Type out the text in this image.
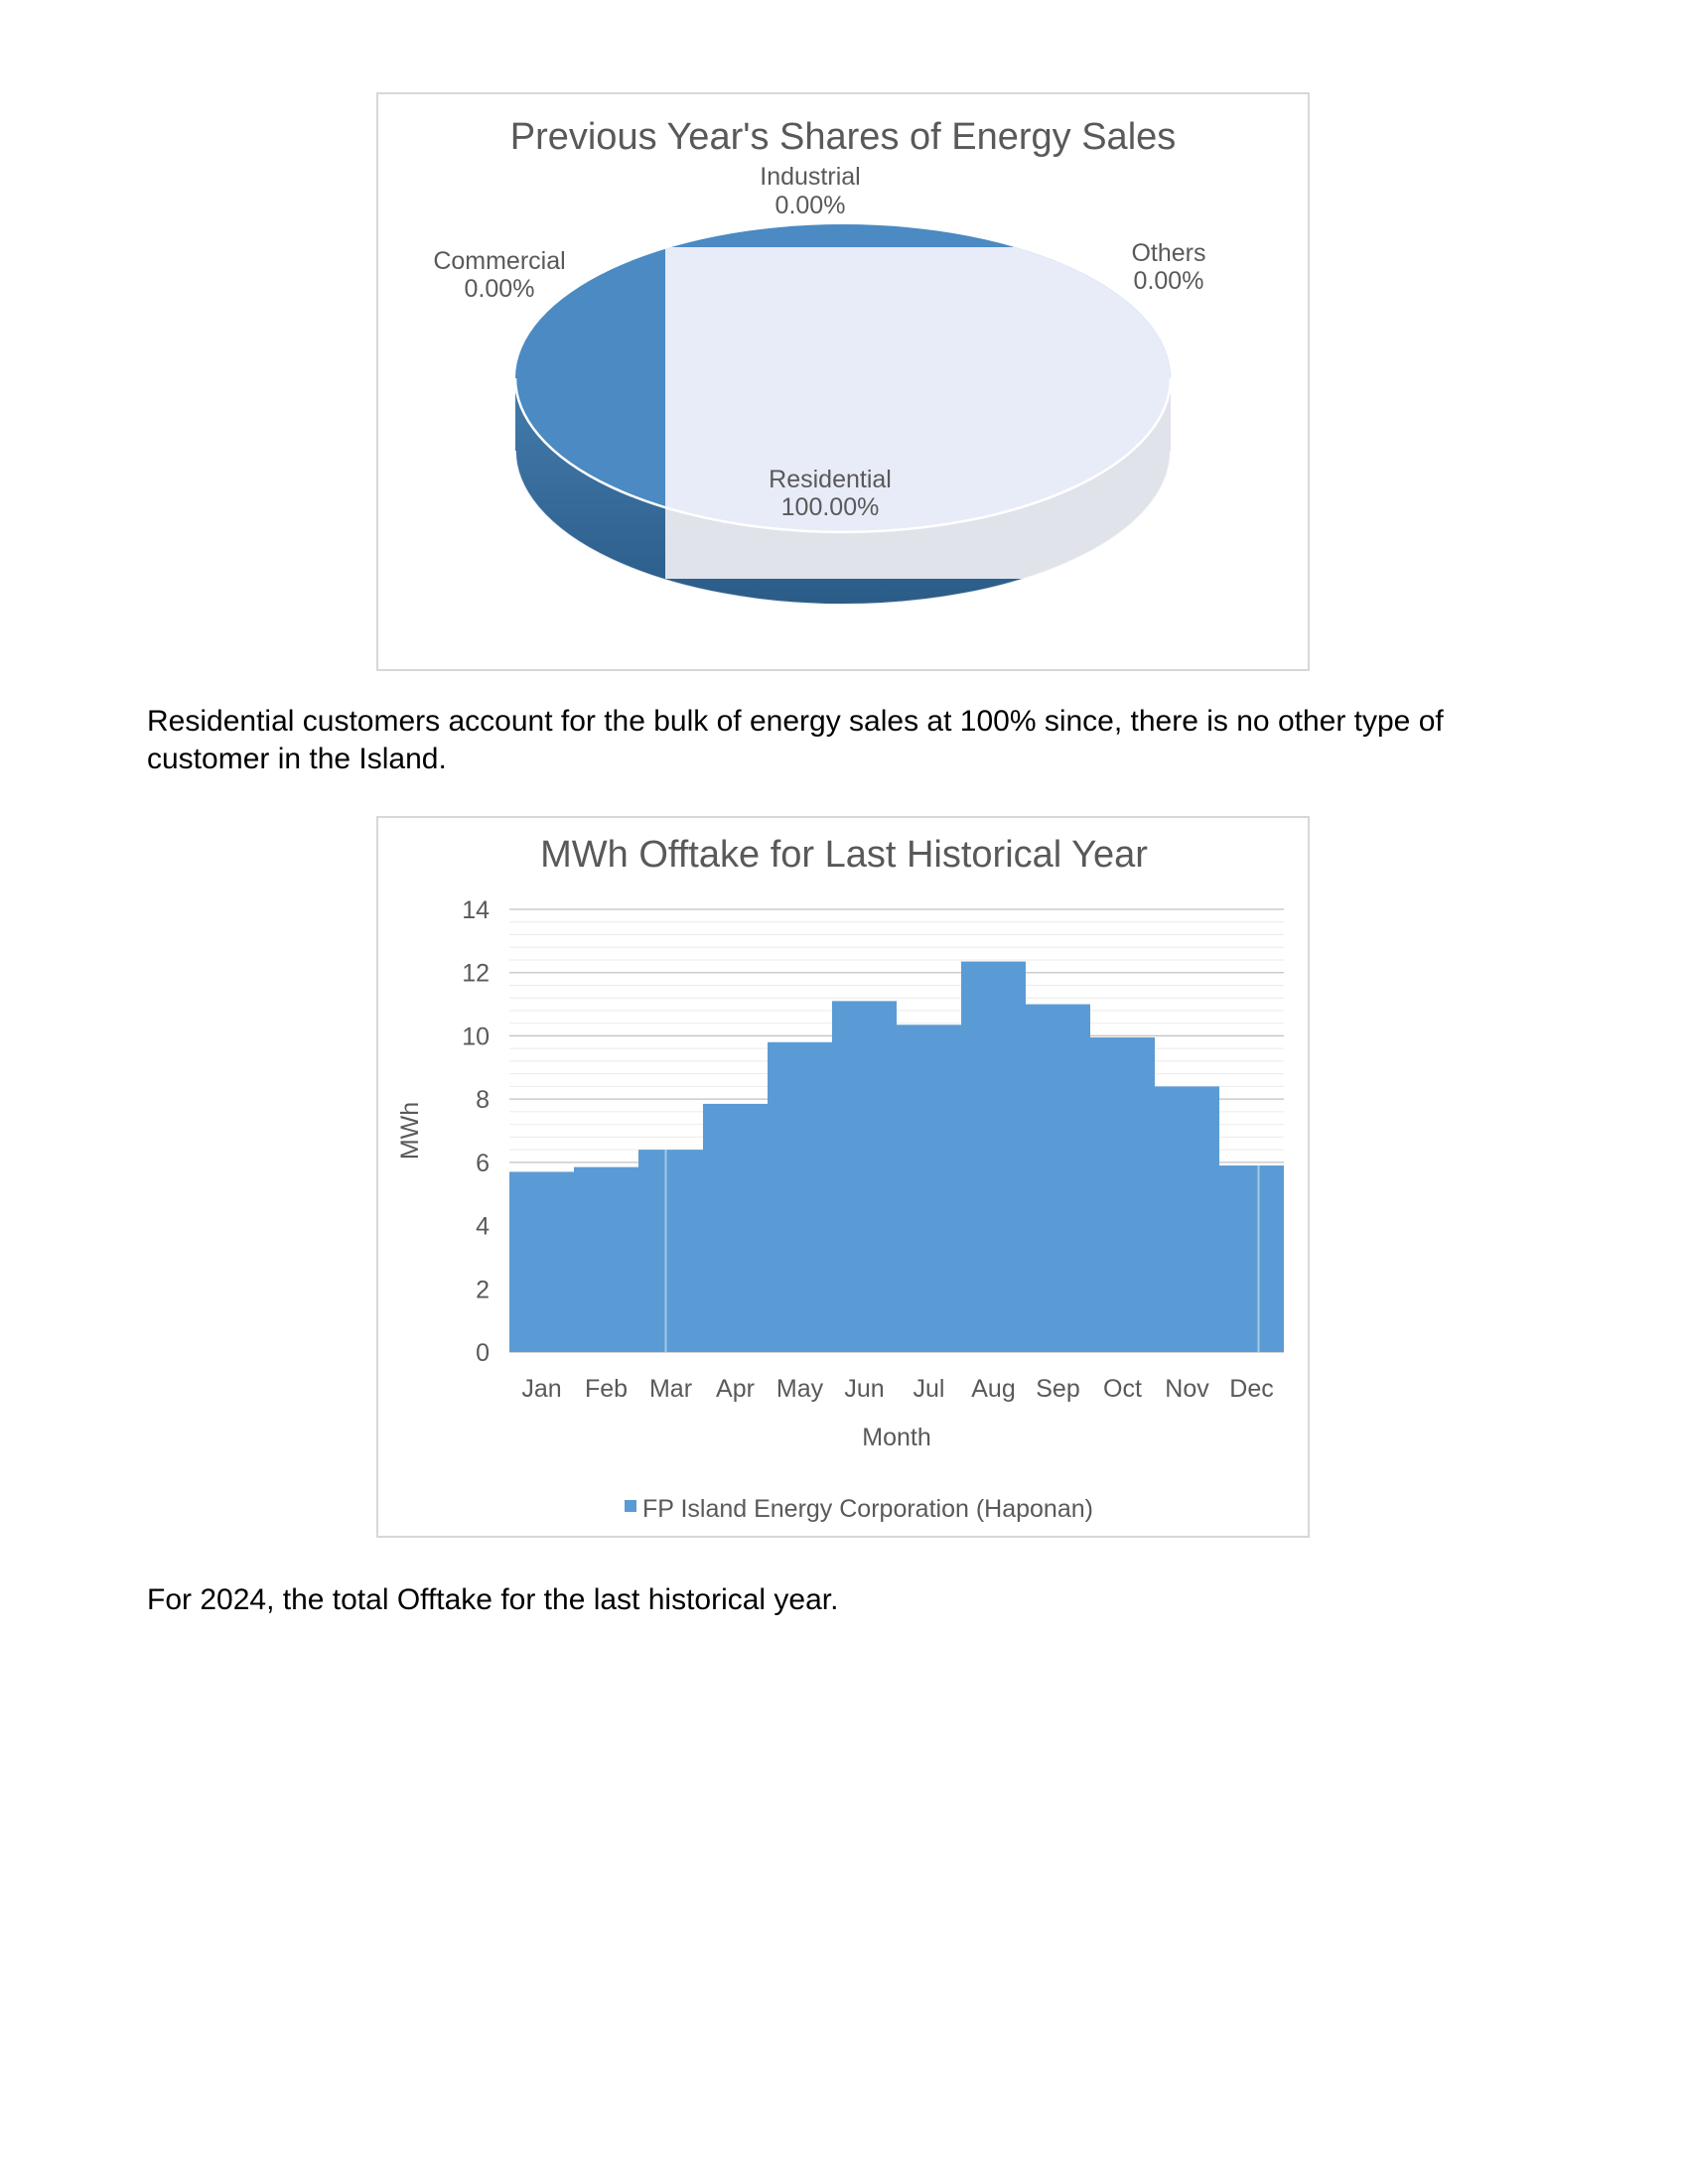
Previous Year's Shares of Energy Sales
Industrial
0.00%
Commercial
0.00%
Others
0.00%
Residential
100.00%

Residential customers account for the bulk of energy sales at 100% since, there is no other type of customer in the Island.

MWh Offtake for Last Historical Year
0
2
4
6
8
10
12
14
Jan Feb Mar Apr May Jun Jul Aug Sep Oct Nov Dec
Month
MWh
FP Island Energy Corporation (Haponan)

For 2024, the total Offtake for the last historical year.
